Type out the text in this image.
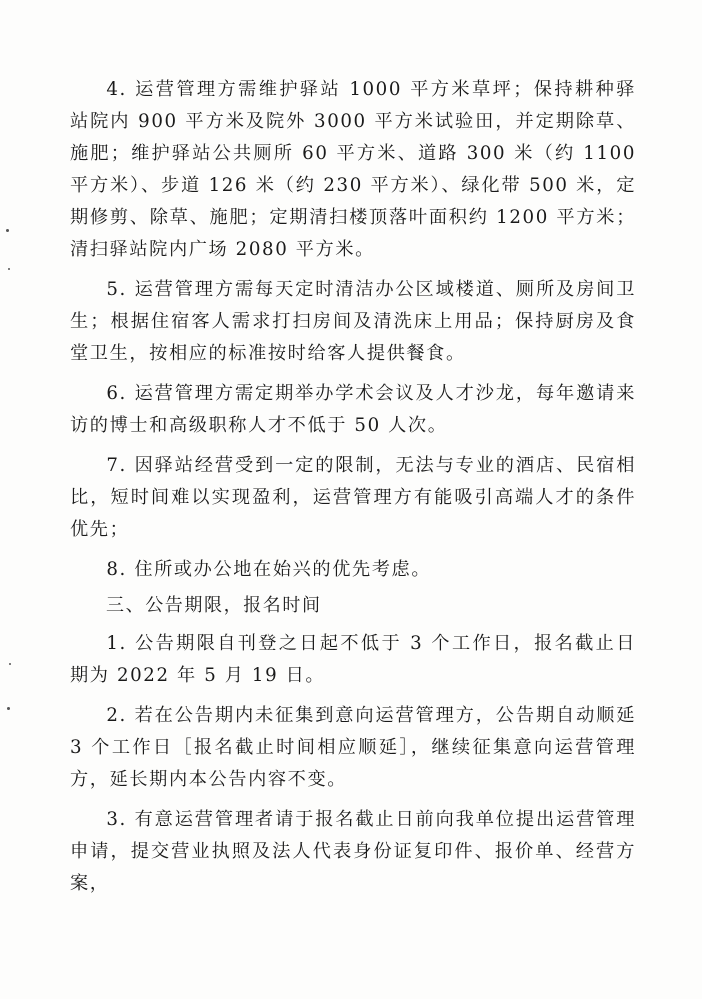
4. 运营管理方需维护驿站 1000 平方米草坪；保持耕种驿站院内 900 平方米及院外 3000 平方米试验田，并定期除草、施肥；维护驿站公共厕所 60 平方米、道路 300 米（约 1100 平方米）、步道 126 米（约 230 平方米）、绿化带 500 米，定期修剪、除草、施肥；定期清扫楼顶落叶面积约 1200 平方米；清扫驿站院内广场 2080 平方米。

5. 运营管理方需每天定时清洁办公区域楼道、厕所及房间卫生；根据住宿客人需求打扫房间及清洗床上用品；保持厨房及食堂卫生，按相应的标准按时给客人提供餐食。

6. 运营管理方需定期举办学术会议及人才沙龙，每年邀请来访的博士和高级职称人才不低于 50 人次。

7. 因驿站经营受到一定的限制，无法与专业的酒店、民宿相比，短时间难以实现盈利，运营管理方有能吸引高端人才的条件优先；

8. 住所或办公地在始兴的优先考虑。

三、公告期限，报名时间

1. 公告期限自刊登之日起不低于 3 个工作日，报名截止日期为 2022 年 5 月 19 日。

2. 若在公告期内未征集到意向运营管理方，公告期自动顺延 3 个工作日［报名截止时间相应顺延］，继续征集意向运营管理方，延长期内本公告内容不变。

3. 有意运营管理者请于报名截止日前向我单位提出运营管理申请，提交营业执照及法人代表身份证复印件、报价单、经营方案，
